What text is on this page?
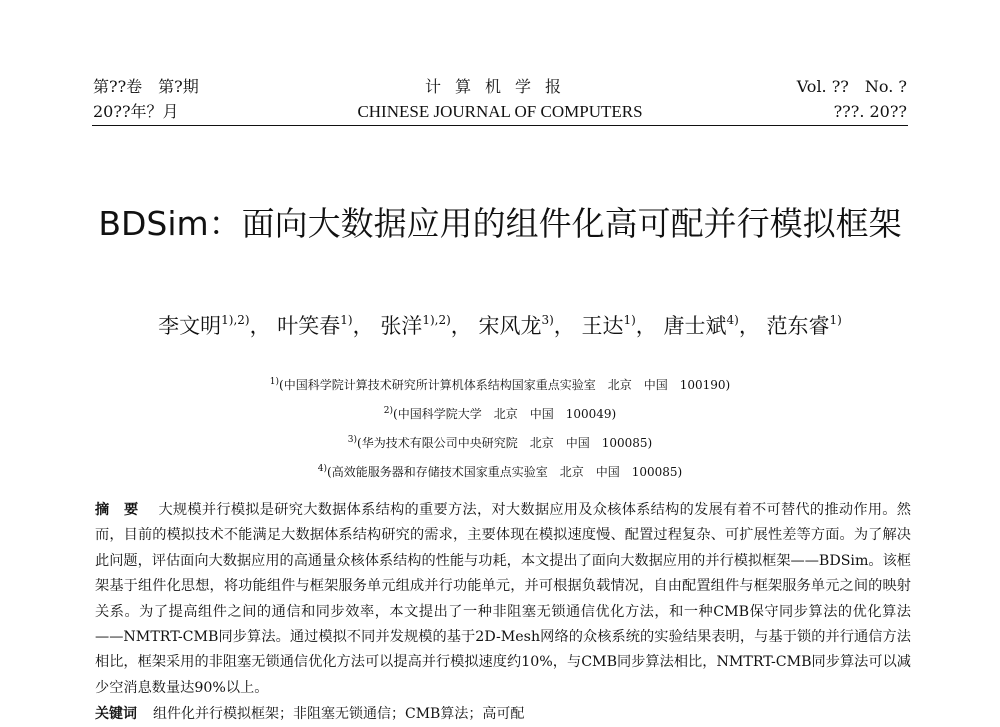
第??卷　第?期
20??年？月
计算机学报
CHINESE JOURNAL OF COMPUTERS
Vol. ??　No. ?
???. 20??
BDSim：面向大数据应用的组件化高可配并行模拟框架
李文明$^{1),2)}$， 叶笑春$^{1)}$， 张洋$^{1),2)}$， 宋风龙$^{3)}$， 王达$^{1)}$， 唐士斌$^{4)}$， 范东睿$^{1)}$
$^{1)}$(中国科学院计算技术研究所计算机体系结构国家重点实验室　北京　中国　100190)
$^{2)}$(中国科学院大学　北京　中国　100049)
$^{3)}$(华为技术有限公司中央研究院　北京　中国　100085)
$^{4)}$(高效能服务器和存储技术国家重点实验室　北京　中国　100085)
摘　要 大规模并行模拟是研究大数据体系结构的重要方法，对大数据应用及众核体系结构的发展有着不可替代的推动作用。然而，目前的模拟技术不能满足大数据体系结构研究的需求，主要体现在模拟速度慢、配置过程复杂、可扩展性差等方面。为了解决此问题，评估面向大数据应用的高通量众核体系结构的性能与功耗，本文提出了面向大数据应用的并行模拟框架——BDSim。该框架基于组件化思想，将功能组件与框架服务单元组成并行功能单元，并可根据负载情况，自由配置组件与框架服务单元之间的映射关系。为了提高组件之间的通信和同步效率，本文提出了一种非阻塞无锁通信优化方法，和一种CMB保守同步算法的优化算法——NMTRT-CMB同步算法。通过模拟不同并发规模的基于2D-Mesh网络的众核系统的实验结果表明，与基于锁的并行通信方法相比，框架采用的非阻塞无锁通信优化方法可以提高并行模拟速度约10%，与CMB同步算法相比，NMTRT-CMB同步算法可以减少空消息数量达90%以上。
关键词 组件化并行模拟框架；非阻塞无锁通信；CMB算法；高可配
